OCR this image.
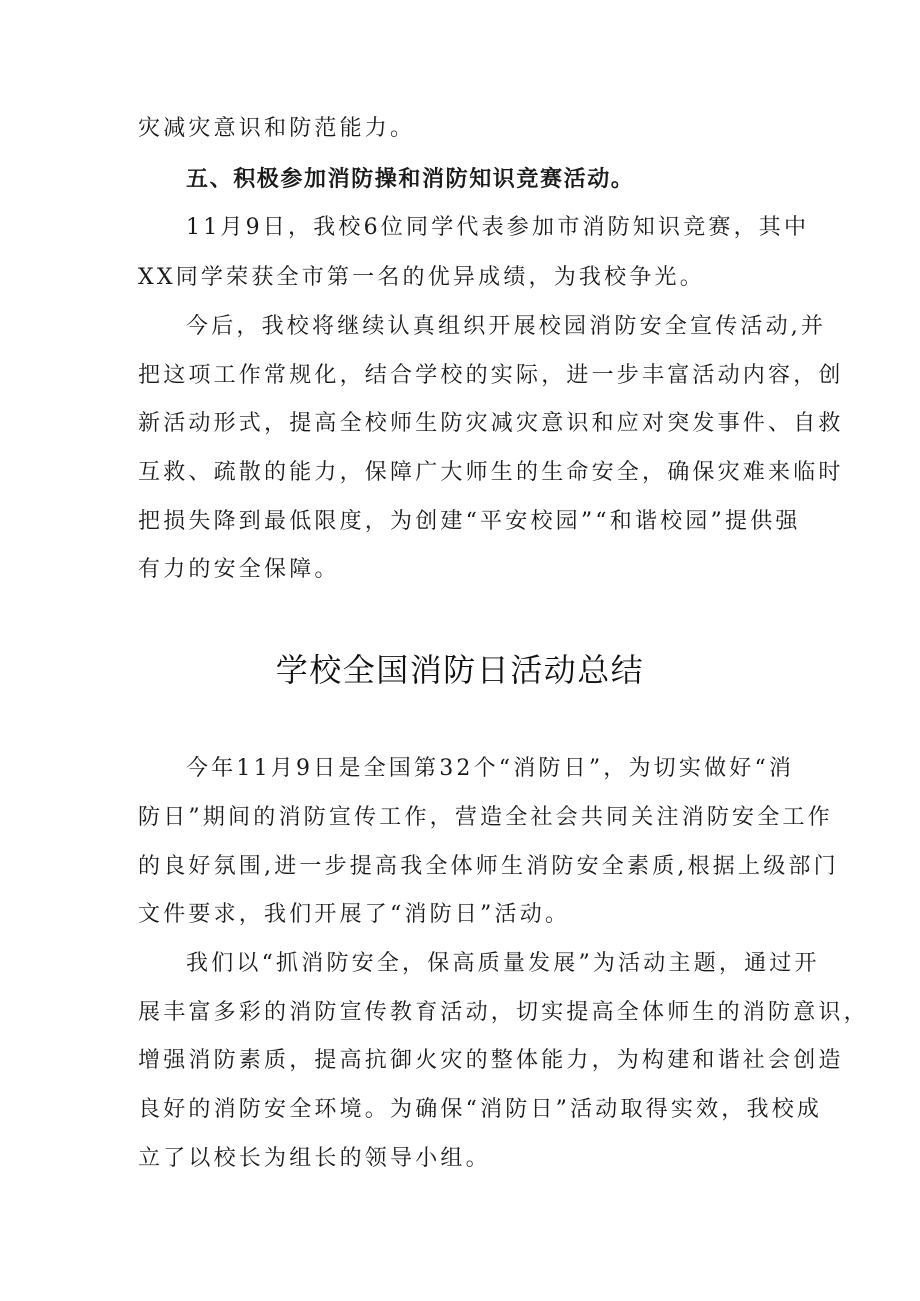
灾减灾意识和防范能力。
五、积极参加消防操和消防知识竞赛活动。
11月9日，我校6位同学代表参加市消防知识竞赛，其中
XX同学荣获全市第一名的优异成绩，为我校争光。
今后，我校将继续认真组织开展校园消防安全宣传活动,并
把这项工作常规化，结合学校的实际，进一步丰富活动内容，创
新活动形式，提高全校师生防灾减灾意识和应对突发事件、自救
互救、疏散的能力，保障广大师生的生命安全，确保灾难来临时
把损失降到最低限度，为创建“平安校园”“和谐校园”提供强
有力的安全保障。
学校全国消防日活动总结
今年11月9日是全国第32个“消防日”，为切实做好“消
防日”期间的消防宣传工作，营造全社会共同关注消防安全工作
的良好氛围,进一步提高我全体师生消防安全素质,根据上级部门
文件要求，我们开展了“消防日”活动。
我们以“抓消防安全，保高质量发展”为活动主题，通过开
展丰富多彩的消防宣传教育活动，切实提高全体师生的消防意识，
增强消防素质，提高抗御火灾的整体能力，为构建和谐社会创造
良好的消防安全环境。为确保“消防日”活动取得实效，我校成
立了以校长为组长的领导小组。
